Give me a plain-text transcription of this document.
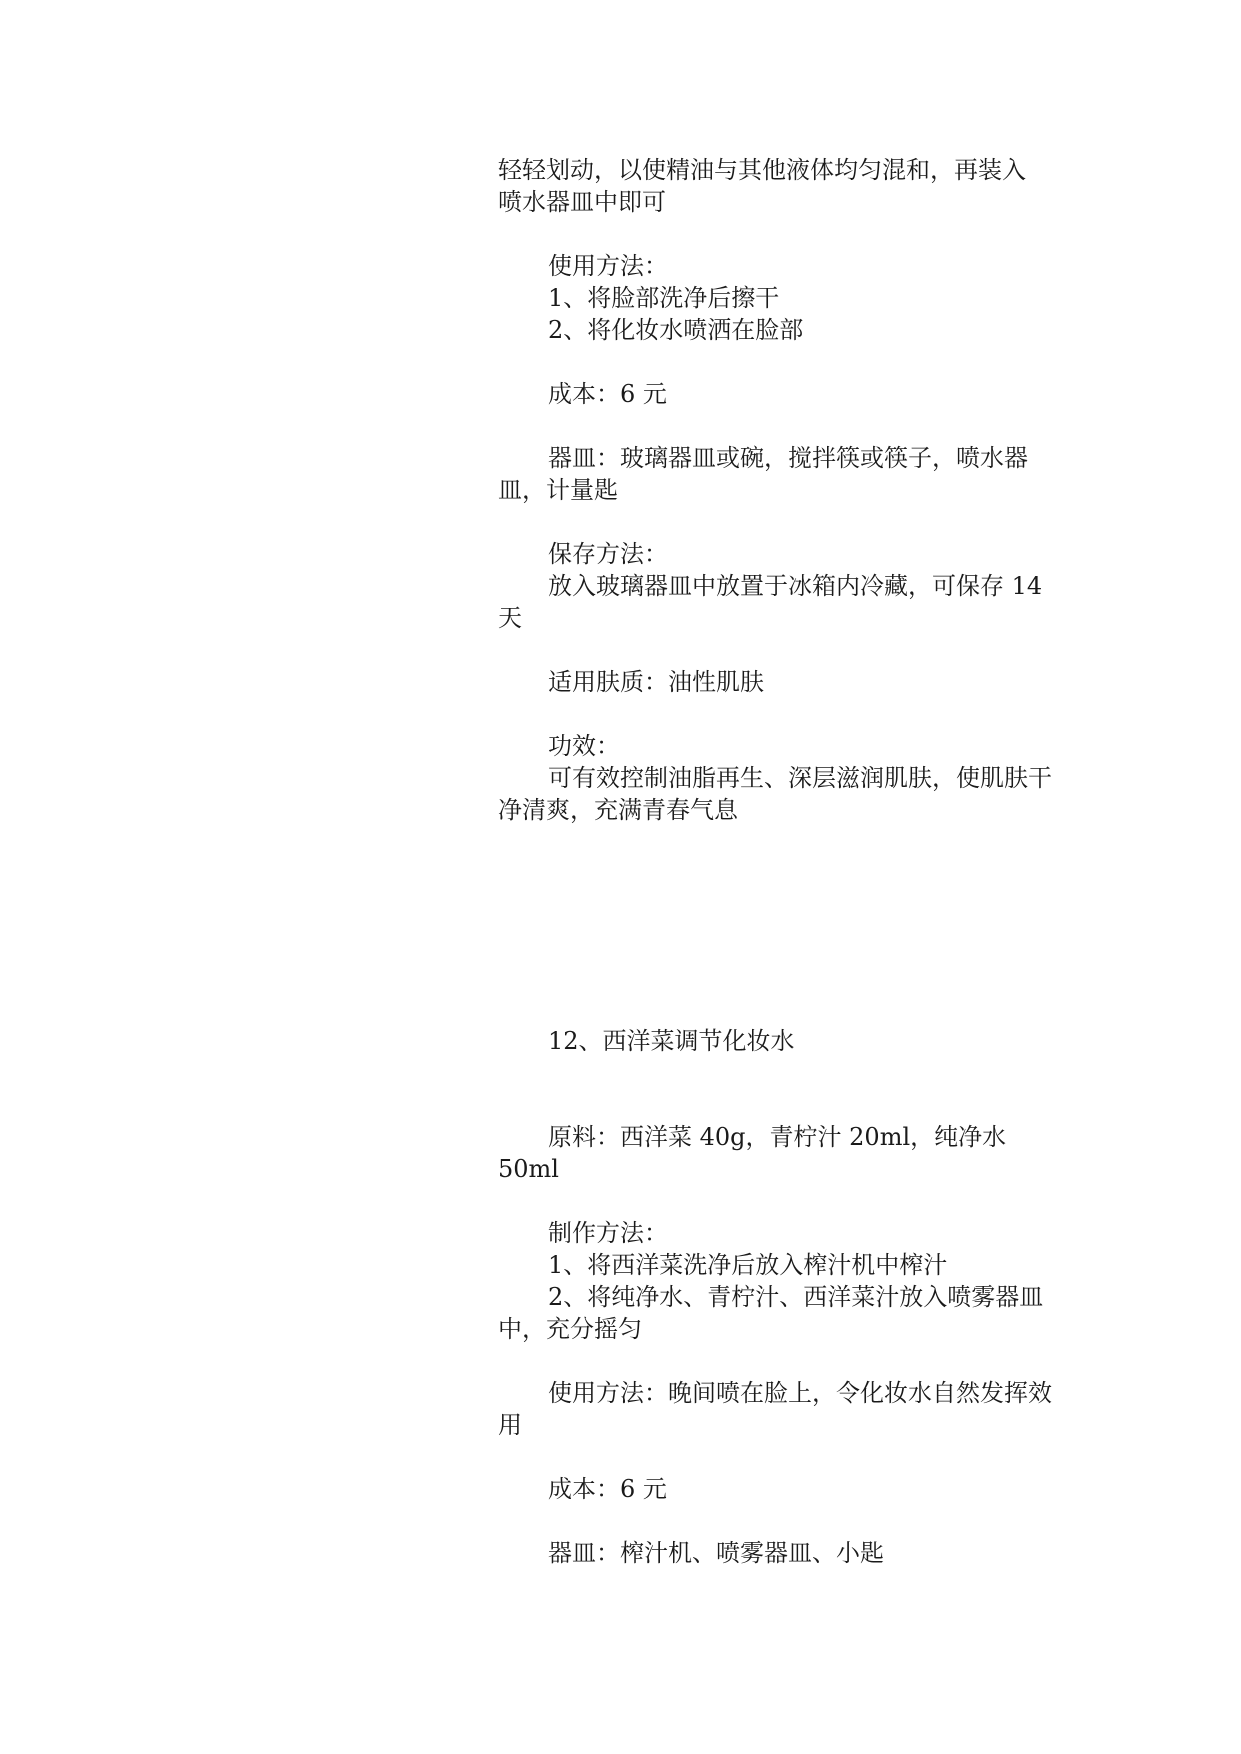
轻轻划动，以使精油与其他液体均匀混和，再装入

喷水器皿中即可

使用方法：

1、将脸部洗净后擦干

2、将化妆水喷洒在脸部

成本：6 元

器皿：玻璃器皿或碗，搅拌筷或筷子，喷水器皿，计量匙

保存方法：

放入玻璃器皿中放置于冰箱内冷藏，可保存 14 天

适用肤质：油性肌肤

功效：

可有效控制油脂再生、深层滋润肌肤，使肌肤干净清爽，充满青春气息

12、西洋菜调节化妆水

原料：西洋菜 40g，青柠汁 20ml，纯净水 50ml

制作方法：

1、将西洋菜洗净后放入榨汁机中榨汁

2、将纯净水、青柠汁、西洋菜汁放入喷雾器皿中，充分摇匀

使用方法：晚间喷在脸上，令化妆水自然发挥效用

成本：6 元

器皿：榨汁机、喷雾器皿、小匙
